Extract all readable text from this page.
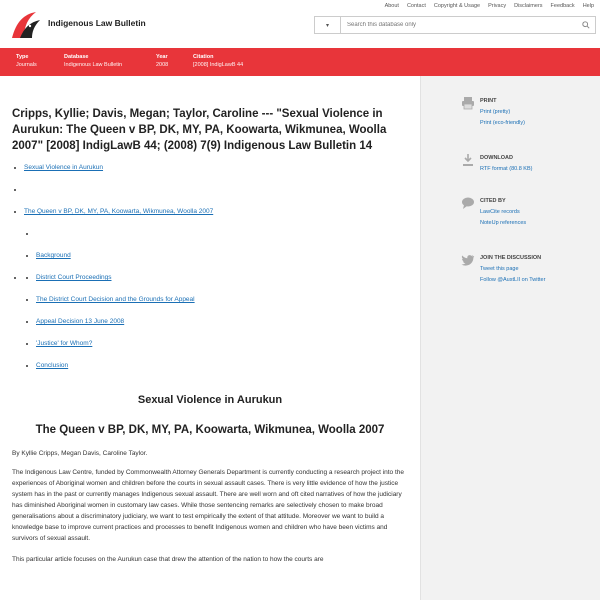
Indigenous Law Bulletin	▾
Search this database only
About Contact Copyright & Usage Privacy Disclaimers Feedback Help
Type
Journals
Database
Indigenous Law Bulletin
Year
2008
Citation
[2008] IndigLawB 44
Cripps, Kyllie; Davis, Megan; Taylor, Caroline --- "Sexual Violence in Aurukun: The Queen v BP, DK, MY, PA, Koowarta, Wikmunea, Woolla 2007" [2008] IndigLawB 44; (2008) 7(9) Indigenous Law Bulletin 14
• Sexual Violence in Aurukun
•
• The Queen v BP, DK, MY, PA, Koowarta, Wikmunea, Woolla 2007
•
• Background
• • District Court Proceedings
• The District Court Decision and the Grounds for Appeal
• Appeal Decision 13 June 2008
• 'Justice' for Whom?
• Conclusion
Sexual Violence in Aurukun
The Queen v BP, DK, MY, PA, Koowarta, Wikmunea, Woolla 2007

By Kyllie Cripps, Megan Davis, Caroline Taylor.

The Indigenous Law Centre, funded by Commonwealth Attorney Generals Department is currently conducting a research project into the experiences of Aboriginal women and children before the courts in sexual assault cases. There is very little evidence of how the justice system has in the past or currently manages Indigenous sexual assault. There are well worn and oft cited narratives of how the judiciary has diminished Aboriginal women in customary law cases. While those sentencing remarks are selectively chosen to make broad generalisations about a discriminatory judiciary, we want to test empirically the extent of that attitude. Moreover we want to build a knowledge base to improve current practices and processes to benefit Indigenous women and children who have been victims and survivors of sexual assault.

This particular article focuses on the Aurukun case that drew the attention of the nation to how the courts are

PRINT
Print (pretty)
Print (eco-friendly)
DOWNLOAD
RTF format (80.8 KB)
CITED BY
LawCite records
NoteUp references
JOIN THE DISCUSSION
Tweet this page
Follow @AustLII on Twitter
